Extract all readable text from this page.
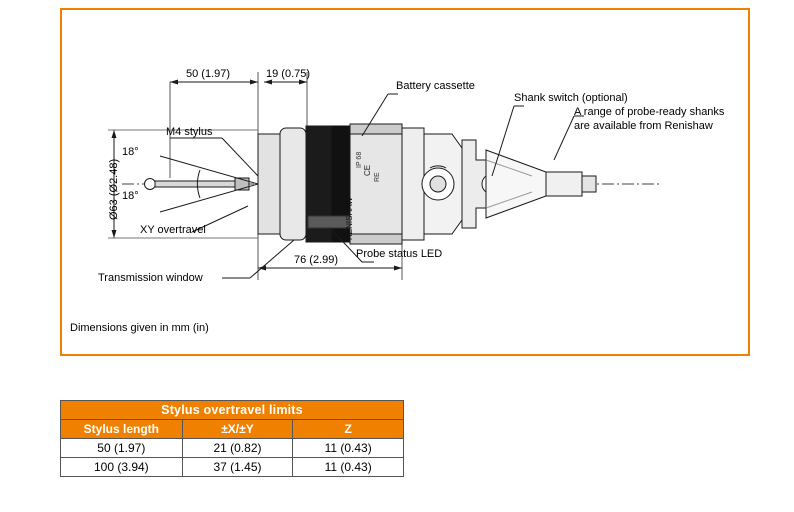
50 (1.97)	19 (0.75)
76 (2.99)
Ø63 (Ø2.48)
18°
18°
M4 stylus
XY overtravel
Transmission window
Probe status LED
Battery cassette
Shank switch (optional)
A range of probe-ready shanks
are available from Renishaw
RENISHAW
CE
IP 68
RE
Dimensions given in mm (in)
Stylus overtravel limits		
Stylus length	±X/±Y	Z
50 (1.97)	21 (0.82)	11 (0.43)
100 (3.94)	37 (1.45)	11 (0.43)
